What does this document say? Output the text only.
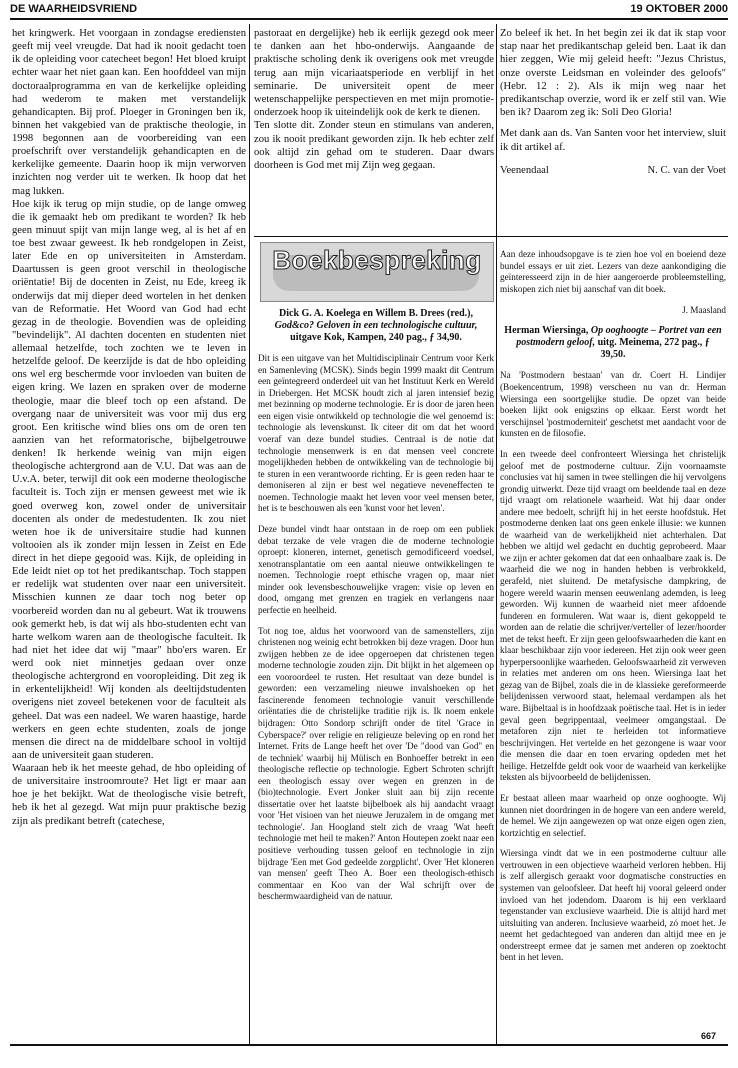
DE WAARHEIDSVRIEND	19 OKTOBER 2000

het kringwerk. Het voorgaan in zondagse erediensten geeft mij veel vreugde. Dat had ik nooit gedacht toen ik de opleiding voor catecheet begon! Het bloed kruipt echter waar het niet gaan kan. Een hoofddeel van mijn doctoraalprogramma en van de kerkelijke opleiding had wederom te maken met verstandelijk gehandicapten. Bij prof. Ploeger in Groningen ben ik, binnen het vakgebied van de praktische theologie, in 1998 begonnen aan de voorbereiding van een proefschrift over verstandelijk gehandicapten en de kerkelijke gemeente. Daarin hoop ik mijn verworven inzichten nog verder uit te werken. Ik hoop dat het mag lukken.

Hoe kijk ik terug op mijn studie, op de lange omweg die ik gemaakt heb om predikant te worden? Ik heb geen minuut spijt van mijn lange weg, al is het af en toe best zwaar geweest. Ik heb rondgelopen in Zeist, later Ede en op universiteiten in Amsterdam. Daartussen is geen groot verschil in theologische oriëntatie! Bij de docenten in Zeist, nu Ede, kreeg ik onderwijs dat mij dieper deed wortelen in het denken van de Reformatie. Het Woord van God had echt gezag in de theologie. Bovendien was de opleiding "bevindelijk". Al dachten docenten en studenten niet allemaal hetzelfde, toch zochten we te leven in hetzelfde geloof. De keerzijde is dat de hbo opleiding ons wel erg beschermde voor invloeden van buiten de eigen kring. We lazen en spraken over de moderne theologie, maar die bleef toch op een afstand. De overgang naar de universiteit was voor mij dus erg groot. Een kritische wind blies ons om de oren ten aanzien van het reformatorische, bijbelgetrouwe denken! Ik herkende weinig van mijn eigen theologische achtergrond aan de V.U. Dat was aan de U.v.A. beter, terwijl dit ook een moderne theologische faculteit is. Toch zijn er mensen geweest met wie ik goed overweg kon, zowel onder de universitair docenten als onder de medestudenten. Ik zou niet weten hoe ik de universitaire studie had kunnen voltooien als ik zonder mijn lessen in Zeist en Ede direct in het diepe gegooid was. Kijk, de opleiding in Ede leidt niet op tot het predikantschap. Toch stappen er redelijk wat studenten over naar een universiteit. Misschien kunnen ze daar toch nog beter op voorbereid worden dan nu al gebeurt. Wat ik trouwens ook gemerkt heb, is dat wij als hbo-studenten echt van harte welkom waren aan de theologische faculteit. Ik had niet het idee dat wij "maar" hbo'ers waren. Er werd ook niet minnetjes gedaan over onze theologische achtergrond en vooropleiding. Dit zeg ik in erkentelijkheid! Wij konden als deeltijdstudenten overigens niet zoveel betekenen voor de faculteit als geheel. Dat was een nadeel. We waren haastige, harde werkers en geen echte studenten, zoals de jonge mensen die direct na de middelbare school in voltijd aan de universiteit gaan studeren.

Waaraan heb ik het meeste gehad, de hbo opleiding of de universitaire instroomroute? Het ligt er maar aan hoe je het bekijkt. Wat de theologische visie betreft, heb ik het al gezegd. Wat mijn puur praktische bezig zijn als predikant betreft (catechese,

pastoraat en dergelijke) heb ik eerlijk gezegd ook meer te danken aan het hbo-onderwijs. Aangaande de praktische scholing denk ik overigens ook met vreugde terug aan mijn vicariaatsperiode en verblijf in het seminarie. De universiteit opent de meer wetenschappelijke perspectieven en met mijn promotie-onderzoek hoop ik uiteindelijk ook de kerk te dienen.

Ten slotte dit. Zonder steun en stimulans van anderen, zou ik nooit predikant geworden zijn. Ik heb echter zelf ook altijd zin gehad om te studeren. Daar dwars doorheen is God met mij Zijn weg gegaan.

Zo beleef ik het. In het begin zei ik dat ik stap voor stap naar het predikantschap geleid ben. Laat ik dan hier zeggen, Wie mij geleid heeft: "Jezus Christus, onze overste Leidsman en voleinder des geloofs" (Hebr. 12 : 2). Als ik mijn weg naar het predikantschap overzie, word ik er zelf stil van. Wie ben ik? Daarom zeg ik: Soli Deo Gloria!

Met dank aan ds. Van Santen voor het interview, sluit ik dit artikel af.

Veenendaal	N. C. van der Voet
Boekbespreking
Dick G. A. Koelega en Willem B. Drees (red.), God&co? Geloven in een technologische cultuur, uitgave Kok, Kampen, 240 pag., ƒ 34,90.

Dit is een uitgave van het Multidisciplinair Centrum voor Kerk en Samenleving (MCSK). Sinds begin 1999 maakt dit Centrum een geïntegreerd onderdeel uit van het Instituut Kerk en Wereld in Driebergen. Het MCSK houdt zich al jaren intensief bezig met bezinning op moderne technologie. Er is door de jaren heen een eigen visie ontwikkeld op technologie die wel genoemd is: technologie als levenskunst. Ik citeer dit om dat het woord voeraf van deze bundel studies. Centraal is de notie dat technologie mensenwerk is en dat mensen veel concrete mogelijkheden hebben de ontwikkeling van de technologie bij te sturen in een verantwoorde richting. Er is geen reden haar te demoniseren al zijn er best wel negatieve neveneffecten te noemen. Technologie maakt het leven voor veel mensen beter, het is te beschouwen als een 'kunst voor het leven'.

Deze bundel vindt haar ontstaan in de roep om een publiek debat terzake de vele vragen die de moderne technologie oproept: kloneren, internet, genetisch gemodificeerd voedsel, xenotransplantatie om een aantal nieuwe ontwikkelingen te noemen. Technologie roept ethische vragen op, maar niet minder ook levensbeschouwelijke vragen: visie op leven en dood, omgang met grenzen en tragiek en verlangens naar perfectie en heelheid.

Tot nog toe, aldus het voorwoord van de samenstellers, zijn christenen nog weinig echt betrokken bij deze vragen. Door hun zwijgen hebben ze de idee opgeroepen dat christenen tegen moderne technologie zouden zijn. Dit blijkt in het algemeen op een vooroordeel te rusten. Het resultaat van deze bundel is geworden: een verzameling nieuwe invalshoeken op het fascinerende fenomeen technologie vanuit verschillende oriëntaties die de christelijke traditie rijk is. Ik noem enkele bijdragen: Otto Sondorp schrijft onder de titel 'Grace in Cyberspace?' over religie en religieuze beleving op en rond het Internet. Frits de Lange heeft het over 'De "dood van God" en de techniek' waarbij hij Mülisch en Bonhoeffer betrekt in een theologische reflectie op technologie. Egbert Schroten schrijft een theologisch essay over wegen en grenzen in de (bio)technologie. Evert Jonker sluit aan bij zijn recente dissertatie over het laatste bijbelboek als hij aandacht vraagt voor 'Het visioen van het nieuwe Jeruzalem in de omgang met technologie'. Jan Hoogland stelt zich de vraag 'Wat heeft technologie met heil te maken?' Anton Houtepen zoekt naar een positieve verhouding tussen geloof en technologie in zijn bijdrage 'Een met God gedeelde zorgplicht'. Over 'Het kloneren van mensen' geeft Theo A. Boer een theologisch-ethisch commentaar en Koo van der Wal schrijft over de beschermwaardigheid van de natuur.

Aan deze inhoudsopgave is te zien hoe vol en boeiend deze bundel essays er uit ziet. Lezers van deze aankondiging die geïnteresseerd zijn in de hier aangeroerde probleemstelling, miskopen zich niet bij aanschaf van dit boek.

J. Maasland

Herman Wiersinga, Op ooghoogte – Portret van een postmodern geloof, uitg. Meinema, 272 pag., ƒ 39,50.

Na 'Postmodern bestaan' van dr. Coert H. Lindijer (Boekencentrum, 1998) verscheen nu van dr. Herman Wiersinga een soortgelijke studie. De opzet van beide boeken lijkt ook enigszins op elkaar. Eerst wordt het verschijnsel 'postmoderniteit' geschetst met aandacht voor de kunsten en de filosofie.

In een tweede deel confronteert Wiersinga het christelijk geloof met de postmoderne cultuur. Zijn voornaamste conclusies vat hij samen in twee stellingen die hij vervolgens grondig uitwerkt. Deze tijd vraagt om beeldende taal en deze tijd vraagt om relationele waarheid. Wat hij daar onder andere mee bedoelt, schrijft hij in het eerste hoofdstuk. Het postmoderne denken laat ons geen enkele illusie: we kunnen de waarheid van de werkelijkheid niet achterhalen. Dat hebben we altijd wel gedacht en duchtig geprobeerd. Maar we zijn er achter gekomen dat dat een onhaalbare zaak is. De waarheid die we nog in handen hebben is verbrokkeld, gerafeld, niet sluitend. De metafysische dampkring, de hogere wereld waarin mensen eeuwenlang ademden, is leeg geworden. Wij kunnen de waarheid niet meer afdoende funderen en formuleren. Wat waar is, dient gekoppeld te worden aan de relatie die schrijver/verteller of lezer/hoorder met de tekst heeft. Er zijn geen geloofswaarheden die kant en klaar beschikbaar zijn voor iedereen. Het zijn ook weer geen hyperpersoonlijke waarheden. Geloofswaarheid zit verweven in relaties met anderen om ons heen. Wiersinga laat het gezag van de Bijbel, zoals die in de klassieke gereformeerde belijdenissen verwoord staat, helemaal verdampen als het ware. Bijbeltaal is in hoofdzaak poëtische taal. Het is in ieder geval geen begrippentaal, veelmeer omgangstaal. De metaforen zijn niet te herleiden tot informatieve beschrijvingen. Het vertelde en het gezongene is waar voor die mensen die daar en toen ervaring opdeden met het heilige. Hetzelfde geldt ook voor de waarheid van kerkelijke teksten als bijvoorbeeld de belijdenissen.

Er bestaat alleen maar waarheid op onze ooghoogte. Wij kunnen niet doordringen in de hogere van een andere wereld, de hemel. We zijn aangewezen op wat onze eigen ogen zien, kortzichtig en selectief.

Wiersinga vindt dat we in een postmoderne cultuur alle vertrouwen in een objectieve waarheid verloren hebben. Hij is zelf allergisch geraakt voor dogmatische constructies en systemen van geloofsleer. Dat heeft hij vooral geleerd onder invloed van het jodendom. Daarom is hij een verklaard tegenstander van exclusieve waarheid. Die is altijd hard met uitsluiting van anderen. Inclusieve waarheid, zó moet het. Je neemt het gedachtegoed van anderen dan altijd mee en je onderstreept ermee dat je samen met anderen op zoektocht bent in het leven.

667
